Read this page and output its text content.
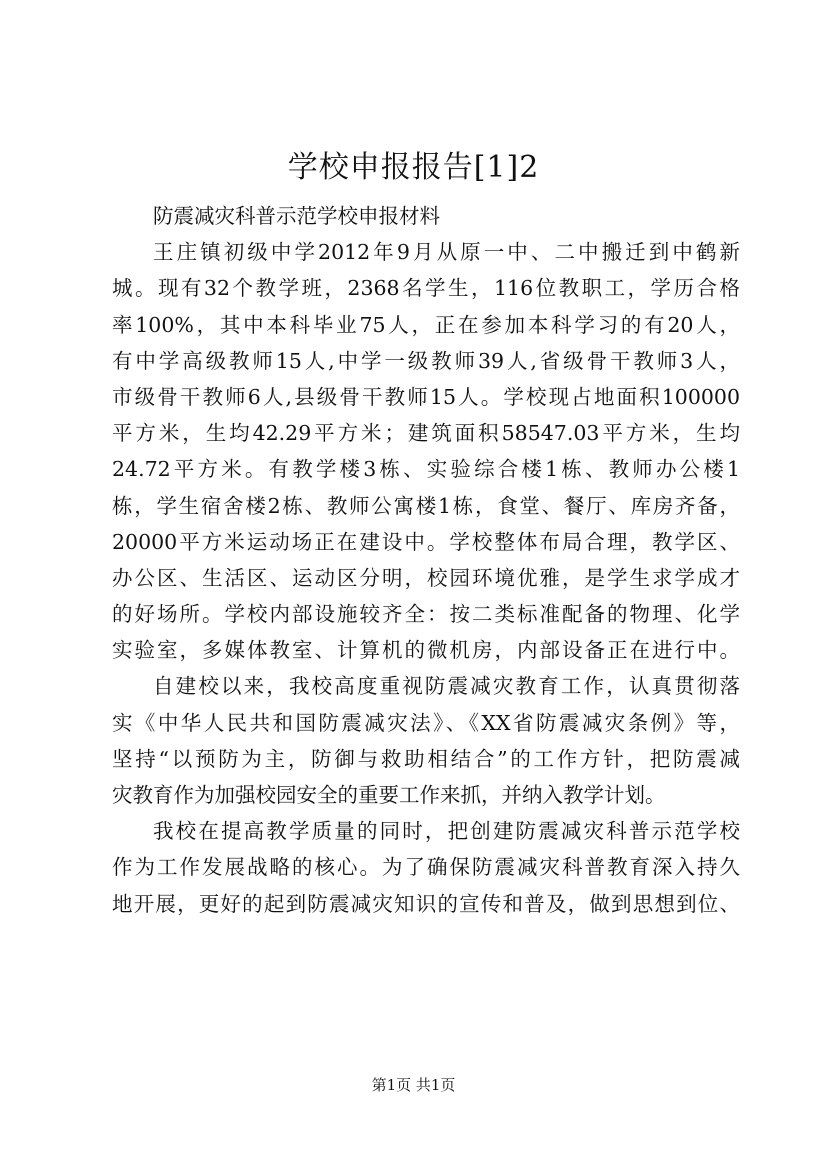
学校申报报告[1]2
防震减灾科普示范学校申报材料
王庄镇初级中学2012年9月从原一中、二中搬迁到中鹤新
城。现有32个教学班，2368名学生，116位教职工，学历合格
率100%，其中本科毕业75人，正在参加本科学习的有20人，
有中学高级教师15人,中学一级教师39人,省级骨干教师3人，
市级骨干教师6人,县级骨干教师15人。学校现占地面积100000
平方米，生均42.29平方米；建筑面积58547.03平方米，生均
24.72平方米。有教学楼3栋、实验综合楼1栋、教师办公楼1
栋，学生宿舍楼2栋、教师公寓楼1栋，食堂、餐厅、库房齐备，
20000平方米运动场正在建设中。学校整体布局合理，教学区、
办公区、生活区、运动区分明，校园环境优雅，是学生求学成才
的好场所。学校内部设施较齐全：按二类标准配备的物理、化学
实验室，多媒体教室、计算机的微机房，内部设备正在进行中。
自建校以来，我校高度重视防震减灾教育工作，认真贯彻落
实《中华人民共和国防震减灾法》、《XX省防震减灾条例》等，
坚持“以预防为主，防御与救助相结合”的工作方针，把防震减
灾教育作为加强校园安全的重要工作来抓，并纳入教学计划。
我校在提高教学质量的同时，把创建防震减灾科普示范学校
作为工作发展战略的核心。为了确保防震减灾科普教育深入持久
地开展，更好的起到防震减灾知识的宣传和普及，做到思想到位、
第1页 共1页
